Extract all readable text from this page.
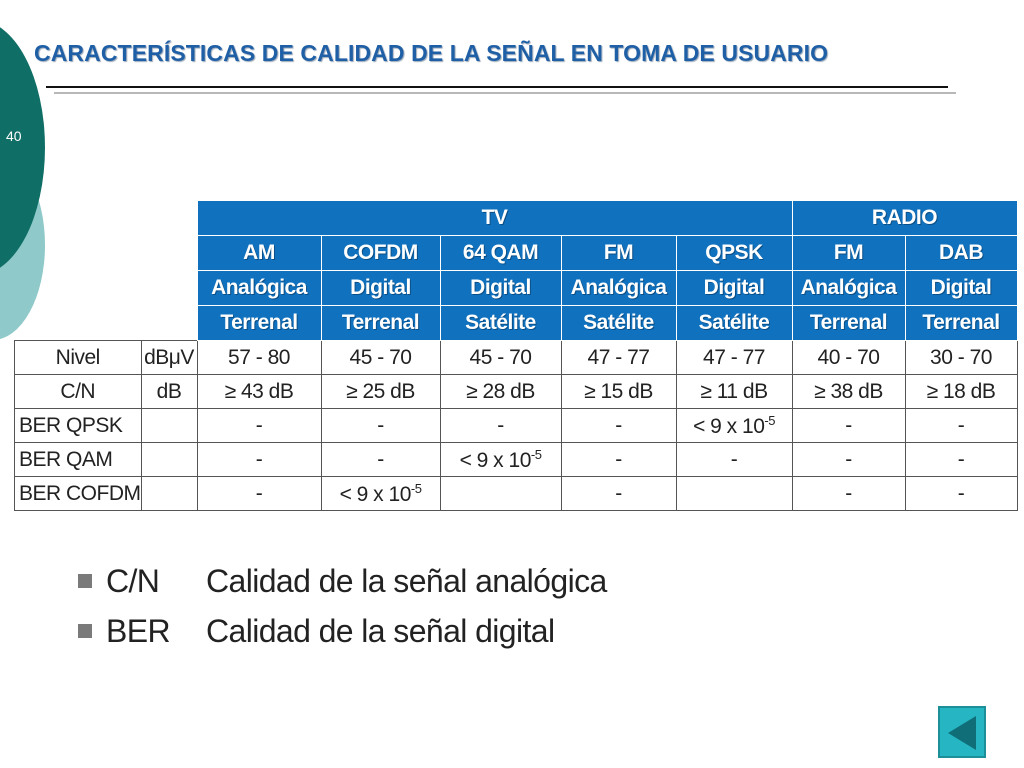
40
CARACTERÍSTICAS DE CALIDAD DE LA SEÑAL EN TOMA DE USUARIO
		TV					RADIO	
		AM	COFDM	64 QAM	FM	QPSK	FM	DAB
		Analógica	Digital	Digital	Analógica	Digital	Analógica	Digital
		Terrenal	Terrenal	Satélite	Satélite	Satélite	Terrenal	Terrenal
Nivel	dBμV	57 - 80	45 - 70	45 - 70	47 - 77	47 - 77	40 - 70	30 - 70
C/N	dB	≥ 43 dB	≥ 25 dB	≥ 28 dB	≥ 15 dB	≥ 11 dB	≥ 38 dB	≥ 18 dB
BER QPSK		-	-	-	-	< 9 x $10^{-5}$	-	-
BER QAM		-	-	< 9 x $10^{-5}$	-	-	-	-
BER COFDM		-	< 9 x $10^{-5}$		-		-	-
C/N	Calidad de la señal analógica
BER	Calidad de la señal digital
